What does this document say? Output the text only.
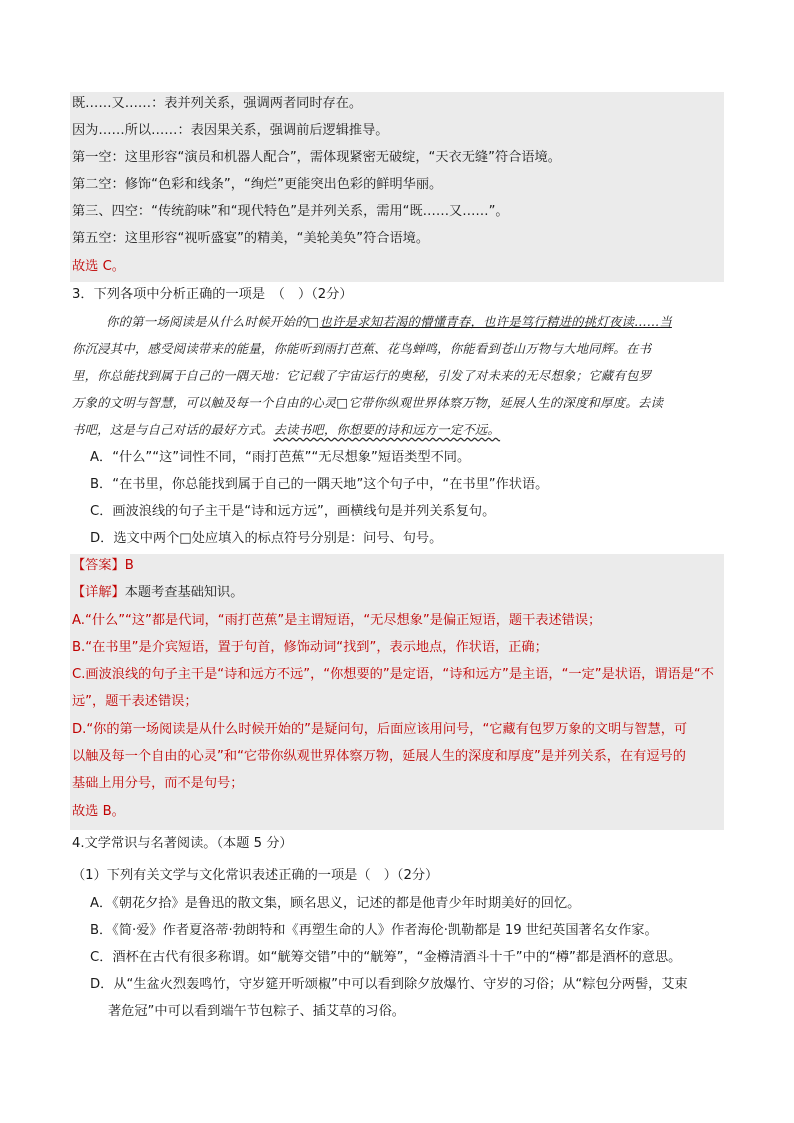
既……又……：表并列关系，强调两者同时存在。
因为……所以……：表因果关系，强调前后逻辑推导。
第一空：这里形容“演员和机器人配合”，需体现紧密无破绽，“天衣无缝”符合语境。
第二空：修饰“色彩和线条”，“绚烂”更能突出色彩的鲜明华丽。
第三、四空：“传统韵味”和“现代特色”是并列关系，需用“既……又……”。
第五空：这里形容“视听盛宴”的精美，“美轮美奂”符合语境。
故选 C。
3．下列各项中分析正确的一项是　（　）（2分）
你的第一场阅读是从什么时候开始的□也许是求知若渴的懵懂青春，也许是笃行精进的挑灯夜读……当
你沉浸其中，感受阅读带来的能量，你能听到雨打芭蕉、花鸟蝉鸣，你能看到苍山万物与大地同辉。在书
里，你总能找到属于自己的一隅天地：它记载了宇宙运行的奥秘，引发了对未来的无尽想象；它藏有包罗
万象的文明与智慧，可以触及每一个自由的心灵□它带你纵观世界体察万物，延展人生的深度和厚度。去读
书吧，这是与自己对话的最好方式。去读书吧，你想要的诗和远方一定不远。
A．“什么”“这”词性不同，“雨打芭蕉”“无尽想象”短语类型不同。
B．“在书里，你总能找到属于自己的一隅天地”这个句子中，“在书里”作状语。
C．画波浪线的句子主干是“诗和远方远”，画横线句是并列关系复句。
D．选文中两个□处应填入的标点符号分别是：问号、句号。
【答案】B
【详解】本题考查基础知识。
A.“什么”“这”都是代词，“雨打芭蕉”是主谓短语，“无尽想象”是偏正短语，题干表述错误；
B.“在书里”是介宾短语，置于句首，修饰动词“找到”，表示地点，作状语，正确；
C.画波浪线的句子主干是“诗和远方不远”，“你想要的”是定语，“诗和远方”是主语，“一定”是状语，谓语是“不
远”，题干表述错误；
D.“你的第一场阅读是从什么时候开始的”是疑问句，后面应该用问号，“它藏有包罗万象的文明与智慧，可
以触及每一个自由的心灵”和“它带你纵观世界体察万物，延展人生的深度和厚度”是并列关系，在有逗号的
基础上用分号，而不是句号；
故选 B。
4.文学常识与名著阅读。（本题 5 分）
（1）下列有关文学与文化常识表述正确的一项是（　）（2分）
A．《朝花夕拾》是鲁迅的散文集，顾名思义，记述的都是他青少年时期美好的回忆。
B．《简·爱》作者夏洛蒂·勃朗特和《再塑生命的人》作者海伦·凯勒都是 19 世纪英国著名女作家。
C．酒杯在古代有很多称谓。如“觥筹交错”中的“觥筹”，“金樽清酒斗十千”中的“樽”都是酒杯的意思。
D．从“生盆火烈轰鸣竹，守岁筵开听颂椒”中可以看到除夕放爆竹、守岁的习俗；从“粽包分两髻，艾束
著危冠”中可以看到端午节包粽子、插艾草的习俗。
